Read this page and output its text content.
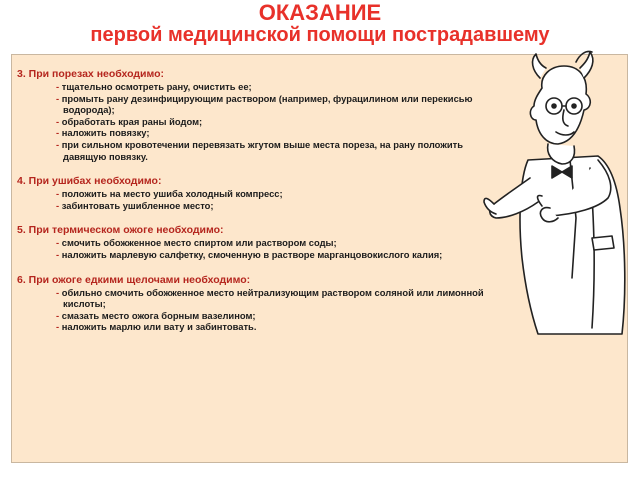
ОКАЗАНИЕ
первой медицинской помощи пострадавшему
3. При порезах необходимо:
- тщательно осмотреть рану, очистить ее;
- промыть рану дезинфицирующим раствором (например, фурацилином или перекисью водорода);
- обработать края раны йодом;
- наложить повязку;
- при сильном кровотечении перевязать жгутом выше места пореза, на рану положить давящую повязку.
4. При ушибах необходимо:
- положить на место ушиба холодный компресс;
- забинтовать ушибленное место;
5. При термическом ожоге необходимо:
- смочить обожженное место спиртом или раствором соды;
- наложить марлевую салфетку, смоченную в растворе марганцовокислого калия;
6. При ожоге едкими щелочами необходимо:
- обильно смочить обожженное место нейтрализующим раствором соляной или лимонной кислоты;
- смазать место ожога борным вазелином;
- наложить марлю или вату и забинтовать.
